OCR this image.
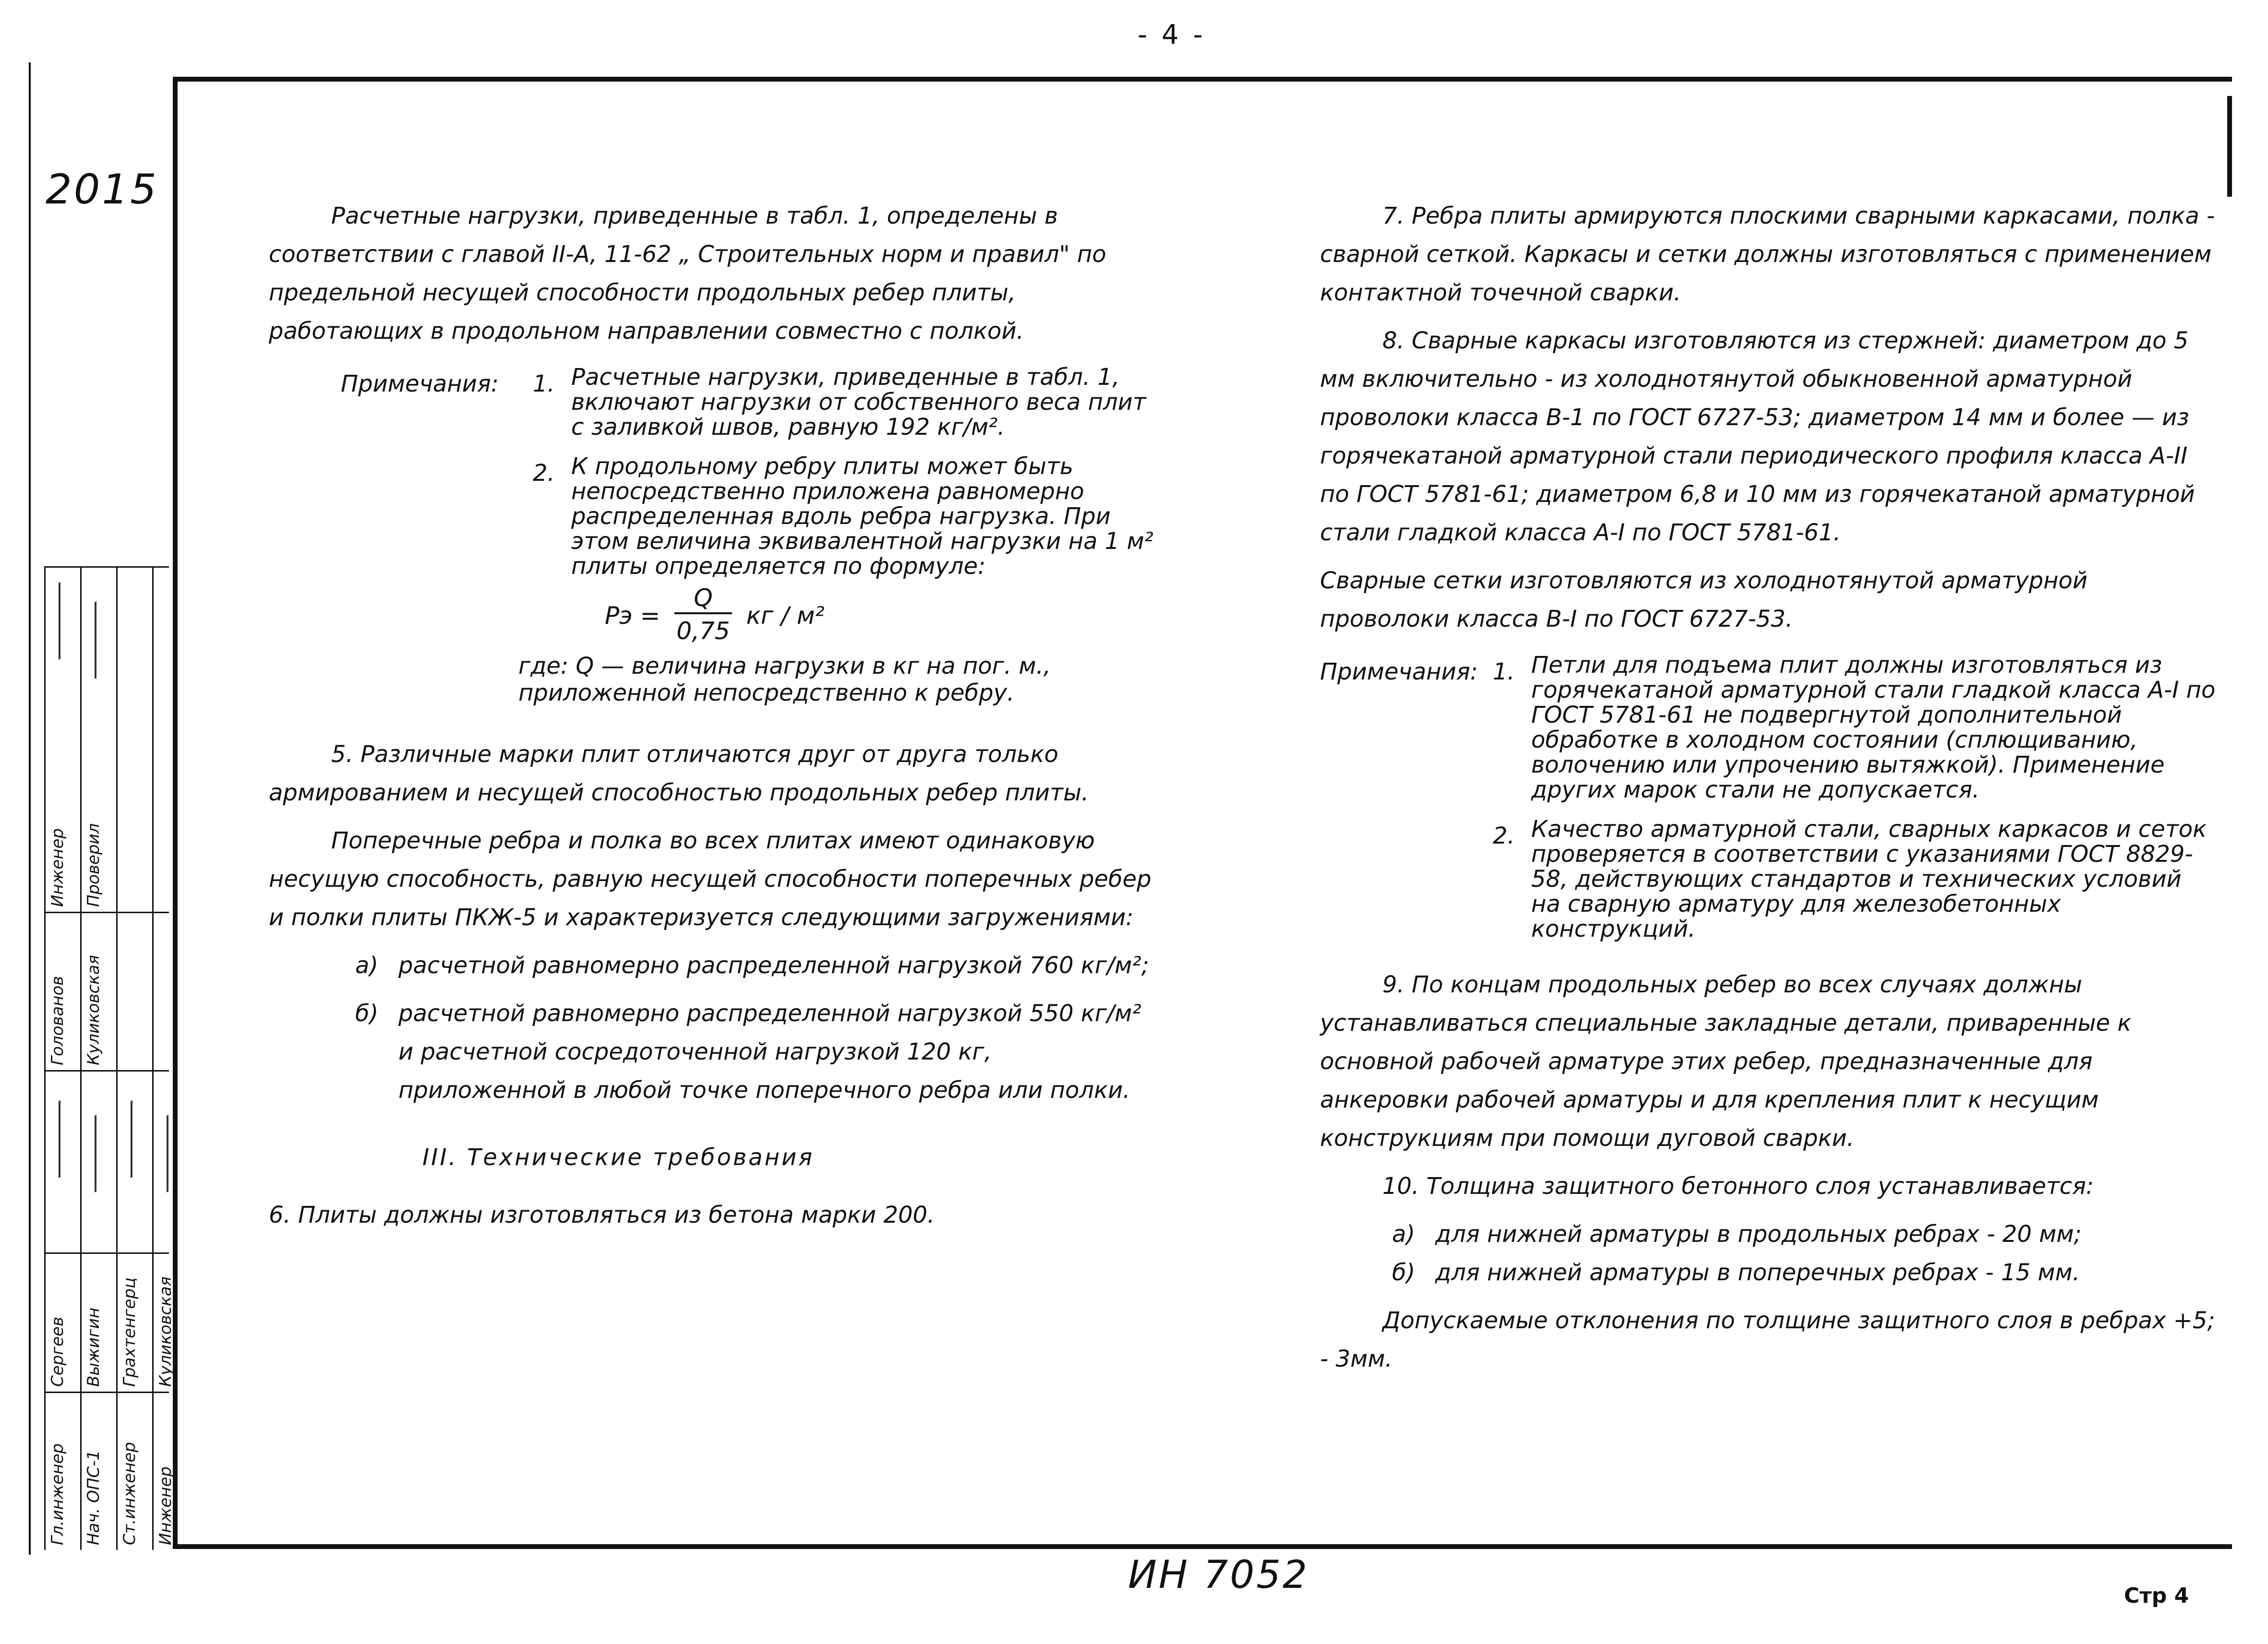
- 4 -
2015
Инженер Проверил
Голованов Куликовская
Гл.инженер Нач. ОПС-1 Ст.инженер Инженер
Сергеев Выжигин Грахтенгерц Куликовская

Расчетные нагрузки, приведенные в табл. 1, определены в соответствии с главой II-А, 11-62 „ Строительных норм и правил" по предельной несущей способности продольных ребер плиты, работающих в продольном направлении совместно с полкой.

Примечания:	1. Расчетные нагрузки, приведенные в табл. 1, включают нагрузки от собственного веса плит с заливкой швов, равную 192 кг/м².
2. К продольному ребру плиты может быть непосредственно приложена равномерно распределенная вдоль ребра нагрузка. При этом величина эквивалентной нагрузки на 1 м² плиты определяется по формуле:
Pэ = $\frac{Q}{0,75}$ кг / м²

где: Q — величина нагрузки в кг на пог. м., приложенной непосредственно к ребру.

5. Различные марки плит отличаются друг от друга только армированием и несущей способностью продольных ребер плиты.

Поперечные ребра и полка во всех плитах имеют одинаковую несущую способность, равную несущей способности поперечных ребер и полки плиты ПКЖ-5 и характеризуется следующими загружениями:

а) расчетной равномерно распределенной нагрузкой 760 кг/м²;
б) расчетной равномерно распределенной нагрузкой 550 кг/м² и расчетной сосредоточенной нагрузкой 120 кг, приложенной в любой точке поперечного ребра или полки.

III. Технические требования

6. Плиты должны изготовляться из бетона марки 200.

7. Ребра плиты армируются плоскими сварными каркасами, полка - сварной сеткой. Каркасы и сетки должны изготовляться с применением контактной точечной сварки.

8. Сварные каркасы изготовляются из стержней: диаметром до 5 мм включительно - из холоднотянутой обыкновенной арматурной проволоки класса В-1 по ГОСТ 6727-53; диаметром 14 мм и более — из горячекатаной арматурной стали периодического профиля класса А-II по ГОСТ 5781-61; диаметром 6,8 и 10 мм из горячекатаной арматурной стали гладкой класса А-I по ГОСТ 5781-61.

Сварные сетки изготовляются из холоднотянутой арматурной проволоки класса В-I по ГОСТ 6727-53.

Примечания: 1. Петли для подъема плит должны изготовляться из горячекатаной арматурной стали гладкой класса А-I по ГОСТ 5781-61 не подвергнутой дополнительной обработке в холодном состоянии (сплющиванию, волочению или упрочению вытяжкой). Применение других марок стали не допускается.
2. Качество арматурной стали, сварных каркасов и сеток проверяется в соответствии с указаниями ГОСТ 8829-58, действующих стандартов и технических условий на сварную арматуру для железобетонных конструкций.

9. По концам продольных ребер во всех случаях должны устанавливаться специальные закладные детали, приваренные к основной рабочей арматуре этих ребер, предназначенные для анкеровки рабочей арматуры и для крепления плит к несущим конструкциям при помощи дуговой сварки.

10. Толщина защитного бетонного слоя устанавливается:

а) для нижней арматуры в продольных ребрах - 20 мм;
б) для нижней арматуры в поперечных ребрах - 15 мм.

Допускаемые отклонения по толщине защитного слоя в ребрах +5; - 3мм.

ИН 7052	Стр 4
